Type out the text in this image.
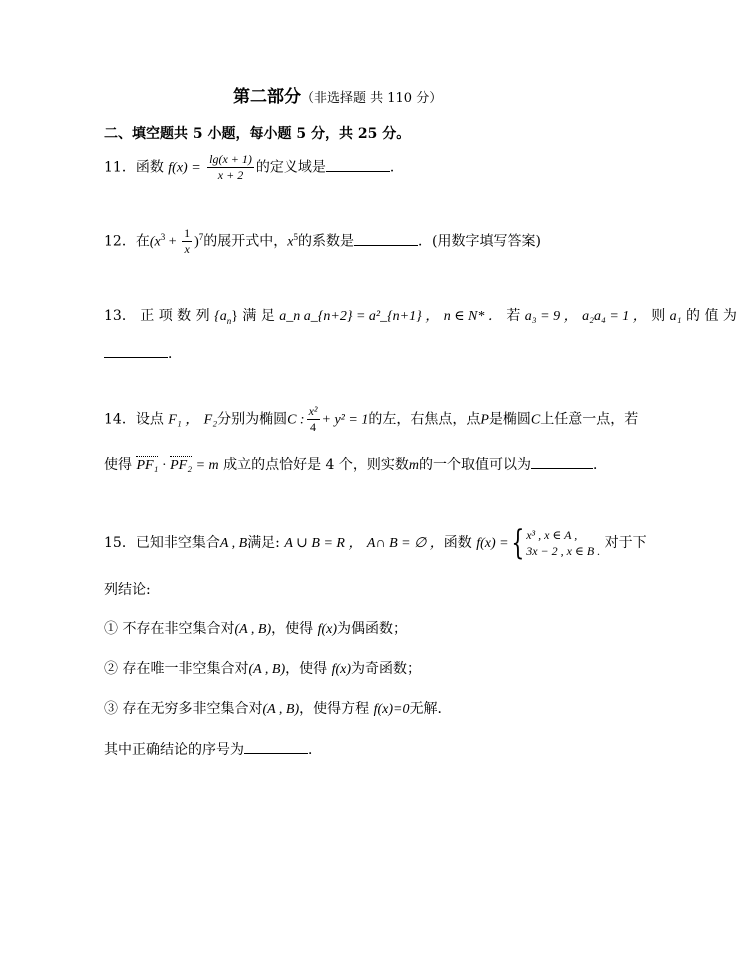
第二部分（非选择题 共 110 分）
二、填空题共 5 小题，每小题 5 分，共 25 分。
11．函数 $f(x) = \frac{\lg(x + 1)}{x + 2}$ 的定义域是	．
12．在$(x^3 + \frac{1}{x} )^7$的展开式中，$x^5$的系数是	．(用数字填写答案)
13． 正 项 数 列 $\{a_n\}$ 满 足 a_n a_{n+2} = a²_{n+1} ， n ∈ N* ． 若 a₃ = 9 ， a₂a₄ = 1 ， 则 a₁ 的 值 为
．
14．设点 F₁ ， F₂分别为椭圆C : $\frac{\text{x²}}{4} + y^2 = 1$的左，右焦点，点P是椭圆C上任意一点，若
使得 PF₁ · PF₂ = m 成立的点恰好是 4 个，则实数m的一个取值可以为	．
15．已知非空集合A , B满足: A ∪ B = R ， A∩ B = ∅ ，函数 f(x) ={ x³ , x ∈ A ,
3x − 2 , x ∈ B . 对于下
列结论:
① 不存在非空集合对(A , B)，使得 f(x)为偶函数；
② 存在唯一非空集合对(A , B)，使得 f(x)为奇函数；
③ 存在无穷多非空集合对(A , B)，使得方程 f(x)=0无解．
其中正确结论的序号为	．
